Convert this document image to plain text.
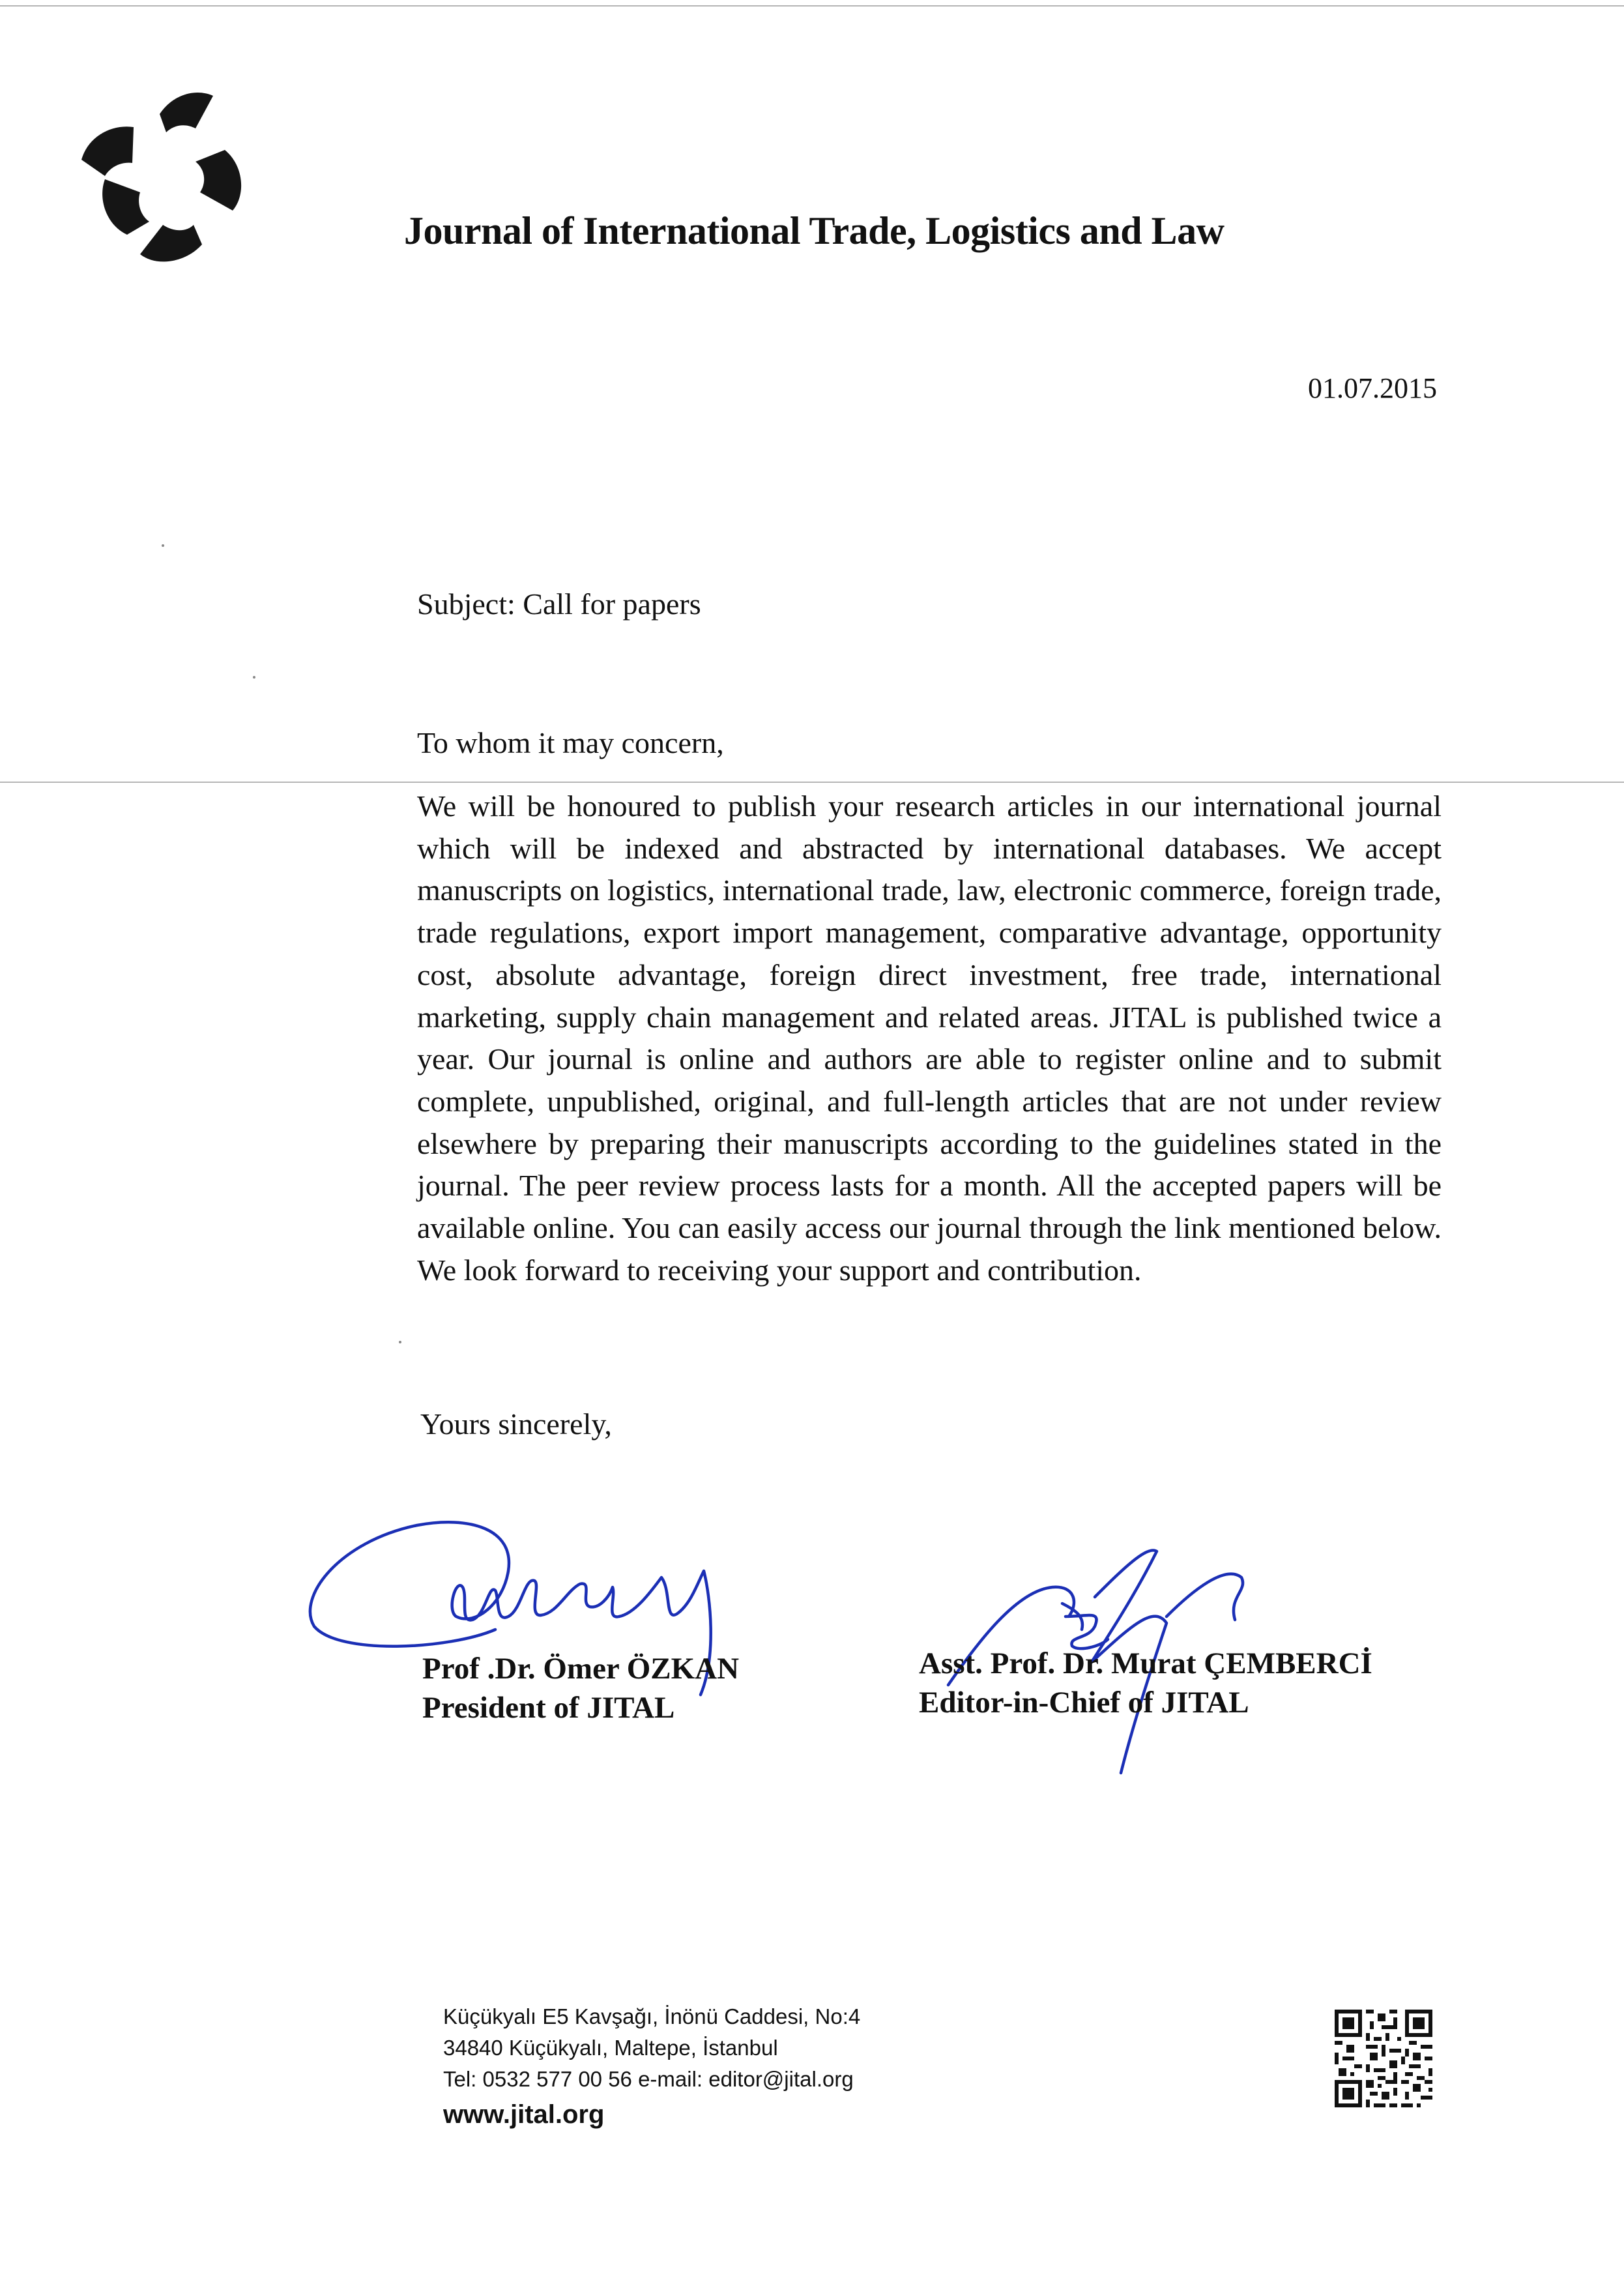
Journal of International Trade, Logistics and Law
01.07.2015
Subject: Call for papers
To whom it may concern,
We will be honoured to publish your research articles in our international journal which will be indexed and abstracted by international databases. We accept manuscripts on logistics, international trade, law, electronic commerce, foreign trade, trade regulations, export import management, comparative advantage, opportunity cost, absolute advantage, foreign direct investment, free trade, international marketing, supply chain management and related areas. JITAL is published twice a year. Our journal is online and authors are able to register online and to submit complete, unpublished, original, and full-length articles that are not under review elsewhere by preparing their manuscripts according to the guidelines stated in the journal. The peer review process lasts for a month. All the accepted papers will be available online. You can easily access our journal through the link mentioned below. We look forward to receiving your support and contribution.
Yours sincerely,
Prof .Dr. Ömer ÖZKAN
President of JITAL
Asst. Prof. Dr. Murat ÇEMBERCİ
Editor-in-Chief of JITAL
Küçükyalı E5 Kavşağı, İnönü Caddesi, No:4
34840 Küçükyalı, Maltepe, İstanbul
Tel: 0532 577 00 56 e-mail: editor@jital.org
www.jital.org
